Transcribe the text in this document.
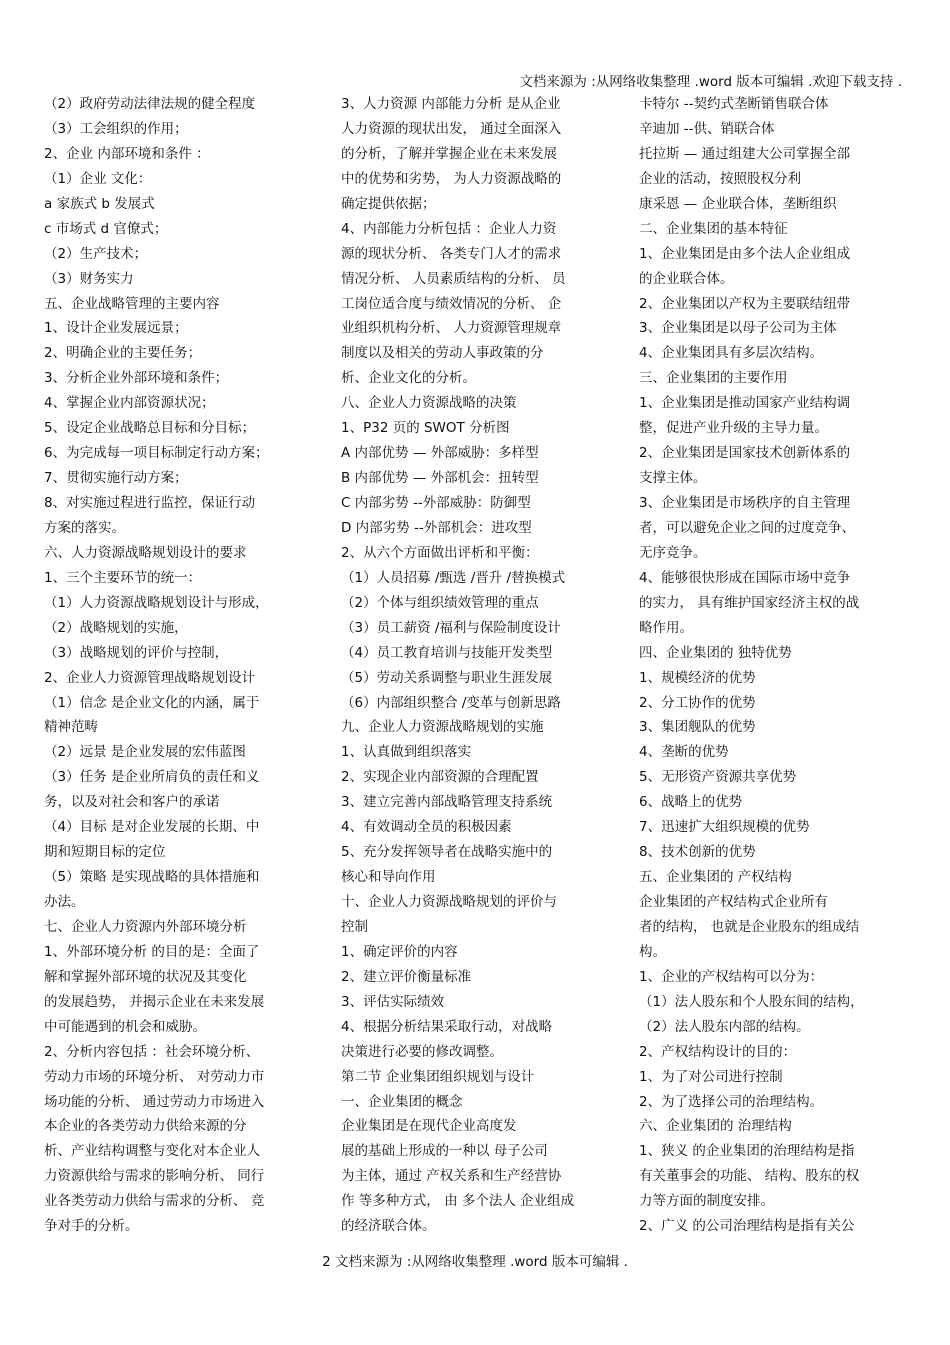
文档来源为 :从网络收集整理 .word 版本可编辑 .欢迎下载支持 .
（2）政府劳动法律法规的健全程度
（3）工会组织的作用；
2、企业 内部环境和条件 ：
（1）企业 文化：
a 家族式 b 发展式
c 市场式 d 官僚式；
（2）生产技术；
（3）财务实力
五、企业战略管理的主要内容
1、设计企业发展远景；
2、明确企业的主要任务；
3、分析企业外部环境和条件；
4、掌握企业内部资源状况；
5、设定企业战略总目标和分目标；
6、为完成每一项目标制定行动方案；
7、贯彻实施行动方案；
8、对实施过程进行监控，保证行动
方案的落实。
六、人力资源战略规划设计的要求
1、三个主要环节的统一：
（1）人力资源战略规划设计与形成，
（2）战略规划的实施，
（3）战略规划的评价与控制，
2、企业人力资源管理战略规划设计
（1）信念 是企业文化的内涵，属于
精神范畴
（2）远景 是企业发展的宏伟蓝图
（3）任务 是企业所肩负的责任和义
务，以及对社会和客户的承诺
（4）目标 是对企业发展的长期、中
期和短期目标的定位
（5）策略 是实现战略的具体措施和
办法。
七、企业人力资源内外部环境分析
1、外部环境分析 的目的是：全面了
解和掌握外部环境的状况及其变化
的发展趋势， 并揭示企业在未来发展
中可能遇到的机会和威胁。
2、分析内容包括 ：社会环境分析、
劳动力市场的环境分析、 对劳动力市
场功能的分析、 通过劳动力市场进入
本企业的各类劳动力供给来源的分
析、产业结构调整与变化对本企业人
力资源供给与需求的影响分析、 同行
业各类劳动力供给与需求的分析、 竞
争对手的分析。
3、人力资源 内部能力分析 是从企业
人力资源的现状出发， 通过全面深入
的分析，了解并掌握企业在未来发展
中的优势和劣势， 为人力资源战略的
确定提供依据；
4、内部能力分析包括 ：企业人力资
源的现状分析、 各类专门人才的需求
情况分析、 人员素质结构的分析、 员
工岗位适合度与绩效情况的分析、 企
业组织机构分析、 人力资源管理规章
制度以及相关的劳动人事政策的分
析、企业文化的分析。
八、企业人力资源战略的决策
1、P32 页的 SWOT 分析图
A 内部优势 — 外部威胁：多样型
B 内部优势 — 外部机会：扭转型
C 内部劣势 --外部威胁：防御型
D 内部劣势 --外部机会：进攻型
2、从六个方面做出评析和平衡：
（1）人员招募 /甄选 /晋升 /替换模式
（2）个体与组织绩效管理的重点
（3）员工薪资 /福利与保险制度设计
（4）员工教育培训与技能开发类型
（5）劳动关系调整与职业生涯发展
（6）内部组织整合 /变革与创新思路
九、企业人力资源战略规划的实施
1、认真做到组织落实
2、实现企业内部资源的合理配置
3、建立完善内部战略管理支持系统
4、有效调动全员的积极因素
5、充分发挥领导者在战略实施中的
核心和导向作用
十、企业人力资源战略规划的评价与
控制
1、确定评价的内容
2、建立评价衡量标准
3、评估实际绩效
4、根据分析结果采取行动，对战略
决策进行必要的修改调整。
第二节 企业集团组织规划与设计
一、企业集团的概念
企业集团是在现代企业高度发
展的基础上形成的一种以 母子公司
为主体，通过 产权关系和生产经营协
作 等多种方式， 由 多个法人 企业组成
的经济联合体。
卡特尔 --契约式垄断销售联合体
辛迪加 --供、销联合体
托拉斯 — 通过组建大公司掌握全部
企业的活动，按照股权分利
康采恩 — 企业联合体，垄断组织
二、企业集团的基本特征
1、企业集团是由多个法人企业组成
的企业联合体。
2、企业集团以产权为主要联结纽带
3、企业集团是以母子公司为主体
4、企业集团具有多层次结构。
三、企业集团的主要作用
1、企业集团是推动国家产业结构调
整，促进产业升级的主导力量。
2、企业集团是国家技术创新体系的
支撑主体。
3、企业集团是市场秩序的自主管理
者，可以避免企业之间的过度竞争、
无序竞争。
4、能够很快形成在国际市场中竞争
的实力， 具有维护国家经济主权的战
略作用。
四、企业集团的 独特优势
1、规模经济的优势
2、分工协作的优势
3、集团舰队的优势
4、垄断的优势
5、无形资产资源共享优势
6、战略上的优势
7、迅速扩大组织规模的优势
8、技术创新的优势
五、企业集团的 产权结构
企业集团的产权结构式企业所有
者的结构， 也就是企业股东的组成结
构。
1、企业的产权结构可以分为：
（1）法人股东和个人股东间的结构，
（2）法人股东内部的结构。
2、产权结构设计的目的：
1、为了对公司进行控制
2、为了选择公司的治理结构。
六、企业集团的 治理结构
1、狭义 的企业集团的治理结构是指
有关董事会的功能、 结构、股东的权
力等方面的制度安排。
2、广义 的公司治理结构是指有关公
2 文档来源为 :从网络收集整理 .word 版本可编辑 .
